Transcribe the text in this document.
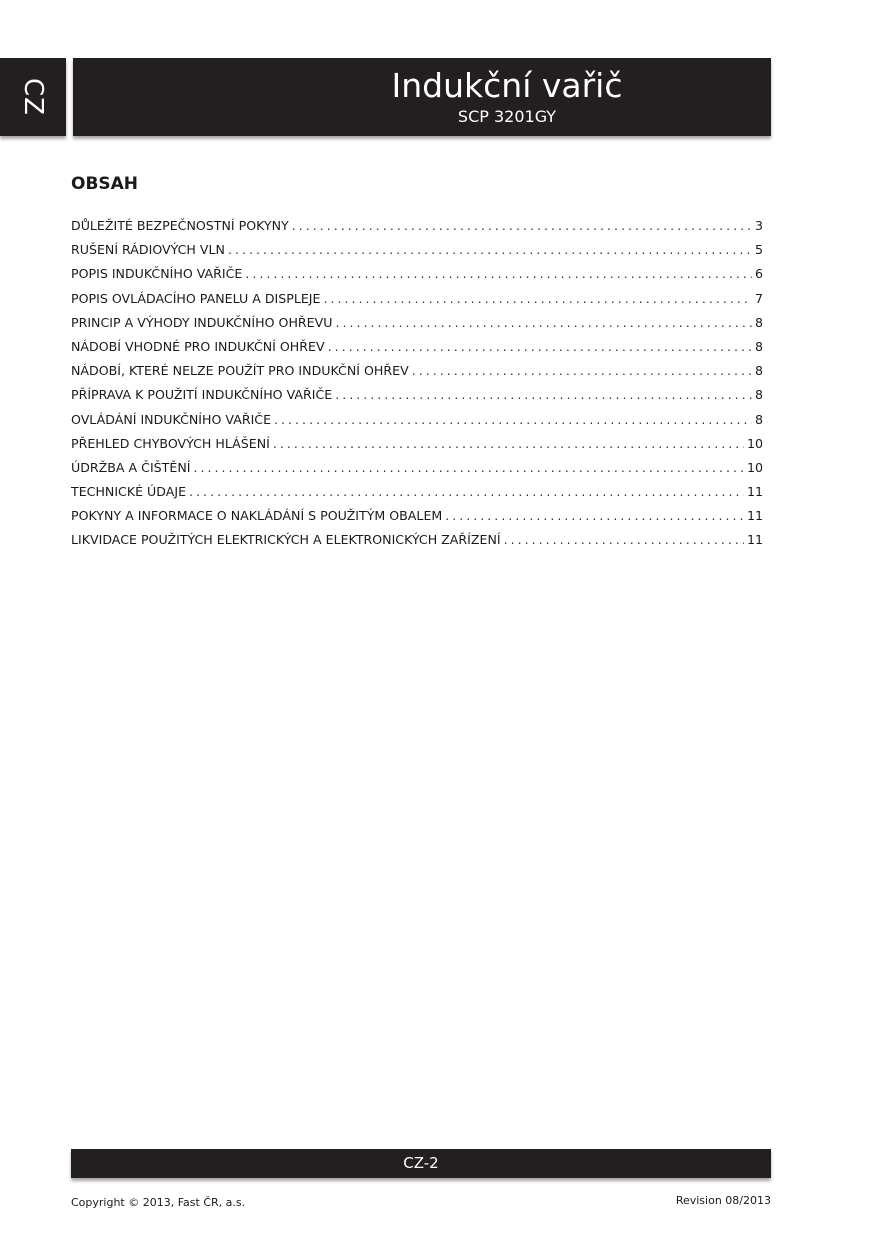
CZ	Indukční vařič
SCP 3201GY
OBSAH
DŮLEŽITÉ BEZPEČNOSTNÍ POKYNY . . .	3
RUŠENÍ RÁDIOVÝCH VLN . . .	5
POPIS INDUKČNÍHO VAŘIČE . . .	6
POPIS OVLÁDACÍHO PANELU A DISPLEJE . . .	7
PRINCIP A VÝHODY INDUKČNÍHO OHŘEVU . . .	8
NÁDOBÍ VHODNÉ PRO INDUKČNÍ OHŘEV . . .	8
NÁDOBÍ, KTERÉ NELZE POUŽÍT PRO INDUKČNÍ OHŘEV . . .	8
PŘÍPRAVA K POUŽITÍ INDUKČNÍHO VAŘIČE . . .	8
OVLÁDÁNÍ INDUKČNÍHO VAŘIČE . . .	8
PŘEHLED CHYBOVÝCH HLÁŠENÍ . . .	10
ÚDRŽBA A ČIŠTĚNÍ . . .	10
TECHNICKÉ ÚDAJE . . .	11
POKYNY A INFORMACE O NAKLÁDÁNÍ S POUŽITÝM OBALEM . . .	11
LIKVIDACE POUŽITÝCH ELEKTRICKÝCH A ELEKTRONICKÝCH ZAŘÍZENÍ . . .	11
CZ-2
Copyright © 2013, Fast ČR, a.s.	Revision 08/2013
